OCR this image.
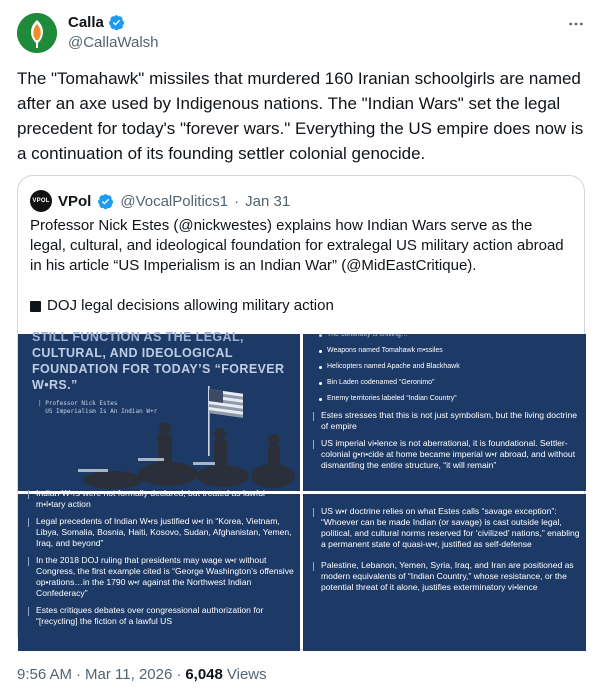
Calla
@CallaWalsh
The "Tomahawk" missiles that murdered 160 Iranian schoolgirls are named after an axe used by Indigenous nations. The "Indian Wars" set the legal precedent for today's "forever wars." Everything the US empire does now is a continuation of its founding settler colonial genocide.
VPOL VPol @VocalPolitics1 · Jan 31
Professor Nick Estes (@nickwestes) explains how Indian Wars serve as the legal, cultural, and ideological foundation for extralegal US military action abroad in his article “US Imperialism is an Indian War” (@MidEastCritique).
DOJ legal decisions allowing military action
STILL FUNCTION AS THE LEGAL,
CULTURAL, AND IDEOLOGICAL FOUNDATION FOR TODAY’S “FOREVER W•RS.”
| Professor Nick Estes
US Imperialism Is An Indian W•r
The continuity is chilling…
Weapons named Tomahawk m•ssiles
Helicopters named Apache and Blackhawk
Bin Laden codenamed “Geronimo”
Enemy territories labeled “Indian Country”
Estes stresses that this is not just symbolism, but the living doctrine of empire
US imperial vi•lence is not aberrational, it is foundational. Settler-colonial g•n•cide at home became imperial w•r abroad, and without dismantling the entire structure, “it will remain”
Indian W•rs were not formally declared, but treated as lawful m•l•tary action
Legal precedents of Indian W•rs justified w•r in “Korea, Vietnam, Libya, Somalia, Bosnia, Haiti, Kosovo, Sudan, Afghanistan, Yemen, Iraq, and beyond”
In the 2018 DOJ ruling that presidents may wage w•r without Congress, the first example cited is “George Washington’s offensive op•rations…in the 1790 w•r against the Northwest Indian Confederacy”
Estes critiques debates over congressional authorization for “[recycling] the fiction of a lawful US
US w•r doctrine relies on what Estes calls “savage exception”: “Whoever can be made Indian (or savage) is cast outside legal, political, and cultural norms reserved for ‘civilized’ nations,” enabling a permanent state of quasi-w•r, justified as self-defense
Palestine, Lebanon, Yemen, Syria, Iraq, and Iran are positioned as modern equivalents of “Indian Country,” whose resistance, or the potential threat of it alone, justifies exterminatory vi•lence
9:56 AM · Mar 11, 2026 · 6,048 Views
